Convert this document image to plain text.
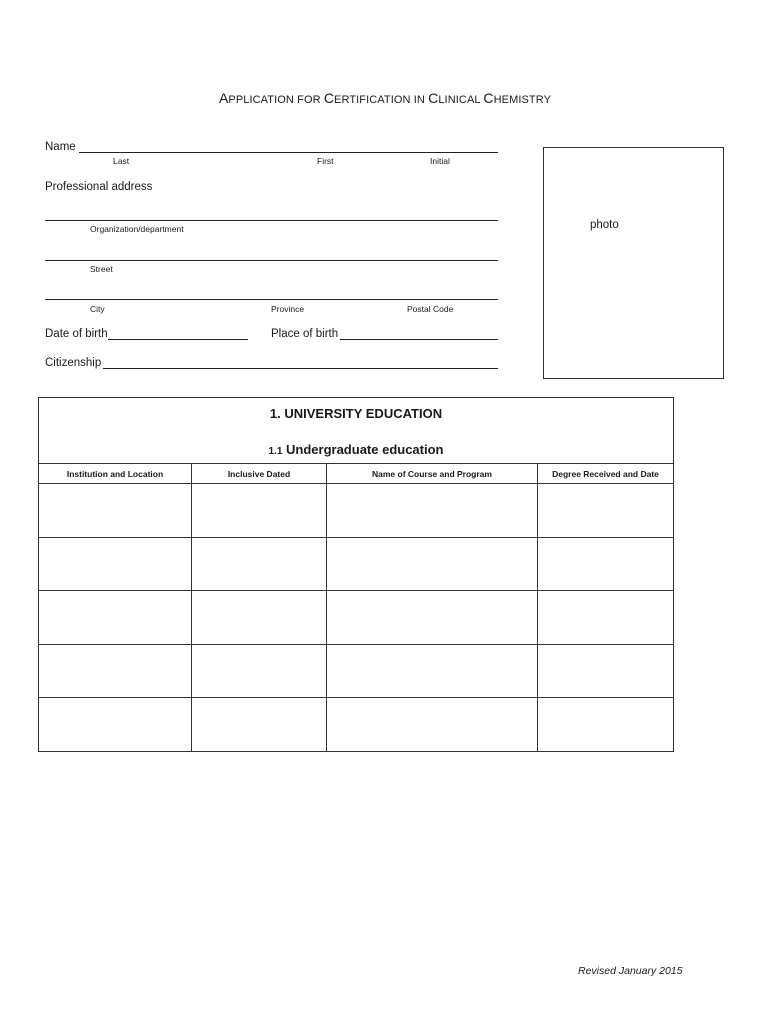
APPLICATION FOR CERTIFICATION IN CLINICAL CHEMISTRY
Name
Last	First	Initial
Professional address
Organization/department
Street
City	Province	Postal Code
Date of birth	Place of birth
Citizenship
photo
1. UNIVERSITY EDUCATION
1.1 Undergraduate education			

Institution and Location	Inclusive Dated	Name of Course and Program	Degree Received and Date

Revised January 2015
